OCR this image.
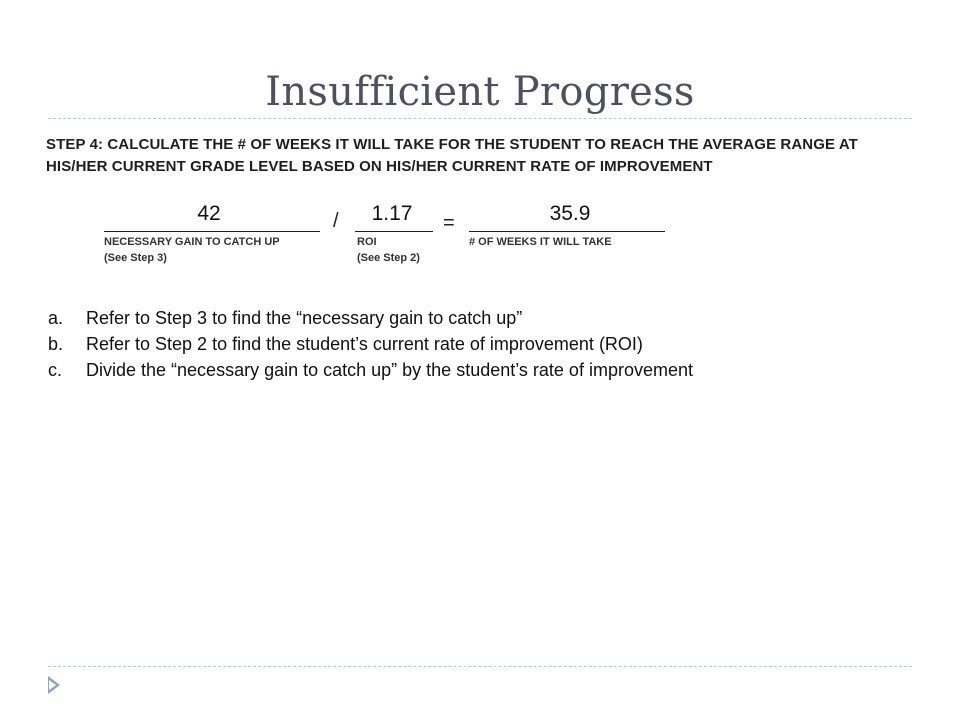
Insufficient Progress
STEP 4: CALCULATE THE # OF WEEKS IT WILL TAKE FOR THE STUDENT TO REACH THE AVERAGE RANGE AT
HIS/HER CURRENT GRADE LEVEL BASED ON HIS/HER CURRENT RATE OF IMPROVEMENT
42	/	1.17	=	35.9
NECESSARY GAIN TO CATCH UP
(See Step 3)
ROI
(See Step 2)
# OF WEEKS IT WILL TAKE
a.	Refer to Step 3 to find the “necessary gain to catch up”
b.	Refer to Step 2 to find the student’s current rate of improvement (ROI)
c.	Divide the “necessary gain to catch up” by the student’s rate of improvement
